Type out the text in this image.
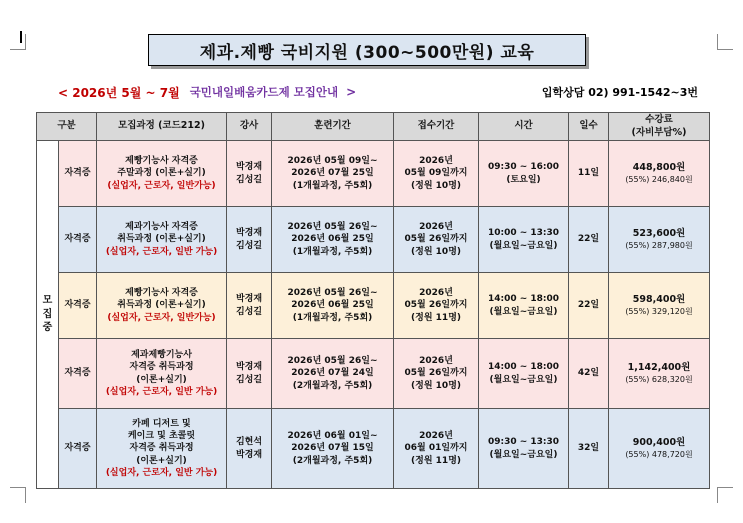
제과.제빵 국비지원 (300~500만원) 교육
< 2026년 5월 ~ 7월 국민내일배움카드제 모집안내 >	입학상담 02) 991-1542~3번
구분		모집과정 (코드212)	강사	훈련기간	접수기간	시간	일수	수강료
(자비부담%)

모
집
중	자격증	제빵기능사 자격증
주말과정 (이론+실기)
(실업자, 근로자, 일반가능)	박경재
김성길	2026년 05월 09일~
2026년 07월 25일
(1개월과정, 주5회)	2026년
05월 09일까지
(정원 10명)	09:30 ~ 16:00
(토요일)	11일	448,800원
(55%) 246,840원

	자격증	제과기능사 자격증
취득과정 (이론+실기)
(실업자, 근로자, 일반 가능)	박경재
김성길	2026년 05월 26일~
2026년 06월 25일
(1개월과정, 주5회)	2026년
05월 26일까지
(정원 10명)	10:00 ~ 13:30
(월요일~금요일)	22일	523,600원
(55%) 287,980원

	자격증	제빵기능사 자격증
취득과정 (이론+실기)
(실업자, 근로자, 일반가능)	박경재
김성길	2026년 05월 26일~
2026년 06월 25일
(1개월과정, 주5회)	2026년
05월 26일까지
(정원 11명)	14:00 ~ 18:00
(월요일~금요일)	22일	598,400원
(55%) 329,120원

	자격증	제과제빵기능사
자격증 취득과정
(이론+실기)
(실업자, 근로자, 일반 가능)	박경재
김성길	2026년 05월 26일~
2026년 07월 24일
(2개월과정, 주5회)	2026년
05월 26일까지
(정원 10명)	14:00 ~ 18:00
(월요일~금요일)	42일	1,142,400원
(55%) 628,320원

	자격증	카페 디저트 및
케이크 및 초콜릿
자격증 취득과정
(이론+실기)
(실업자, 근로자, 일반 가능)	김현석
박경재	2026년 06월 01일~
2026년 07월 15일
(2개월과정, 주5회)	2026년
06월 01일까지
(정원 11명)	09:30 ~ 13:30
(월요일~금요일)	32일	900,400원
(55%) 478,720원
